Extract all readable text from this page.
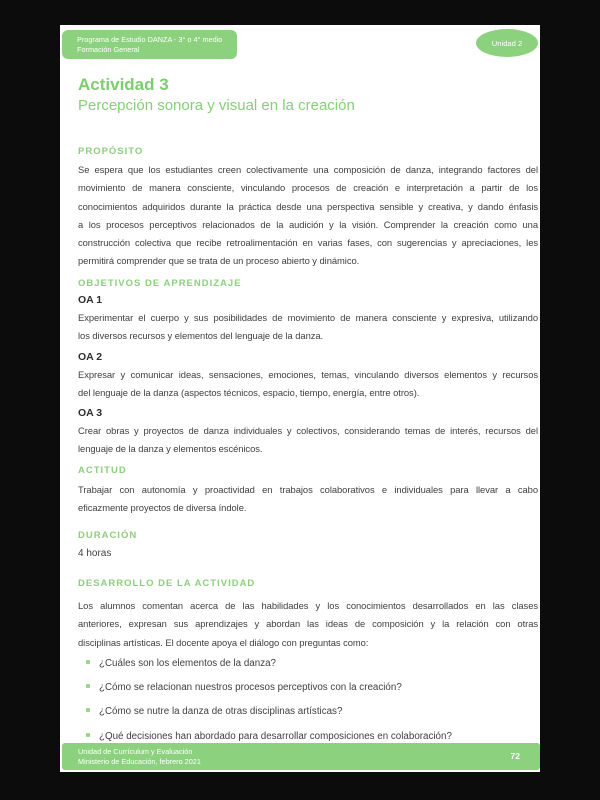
Programa de Estudio DANZA - 3° o 4° medio
Formación General
Unidad 2
Actividad 3
Percepción sonora y visual en la creación
PROPÓSITO
Se espera que los estudiantes creen colectivamente una composición de danza, integrando factores del
movimiento de manera consciente, vinculando procesos de creación e interpretación a partir de los
conocimientos adquiridos durante la práctica desde una perspectiva sensible y creativa, y dando énfasis
a los procesos perceptivos relacionados de la audición y la visión. Comprender la creación como una
construcción colectiva que recibe retroalimentación en varias fases, con sugerencias y apreciaciones, les
permitirá comprender que se trata de un proceso abierto y dinámico.
OBJETIVOS DE APRENDIZAJE
OA 1
Experimentar el cuerpo y sus posibilidades de movimiento de manera consciente y expresiva, utilizando
los diversos recursos y elementos del lenguaje de la danza.
OA 2
Expresar y comunicar ideas, sensaciones, emociones, temas, vinculando diversos elementos y recursos
del lenguaje de la danza (aspectos técnicos, espacio, tiempo, energía, entre otros).
OA 3
Crear obras y proyectos de danza individuales y colectivos, considerando temas de interés, recursos del
lenguaje de la danza y elementos escénicos.
ACTITUD
Trabajar con autonomía y proactividad en trabajos colaborativos e individuales para llevar a cabo
eficazmente proyectos de diversa índole.
DURACIÓN
4 horas
DESARROLLO DE LA ACTIVIDAD
Los alumnos comentan acerca de las habilidades y los conocimientos desarrollados en las clases
anteriores, expresan sus aprendizajes y abordan las ideas de composición y la relación con otras
disciplinas artísticas. El docente apoya el diálogo con preguntas como:
¿Cuáles son los elementos de la danza?
¿Cómo se relacionan nuestros procesos perceptivos con la creación?
¿Cómo se nutre la danza de otras disciplinas artísticas?
¿Qué decisiones han abordado para desarrollar composiciones en colaboración?
Unidad de Currículum y Evaluación
Ministerio de Educación, febrero 2021	72
